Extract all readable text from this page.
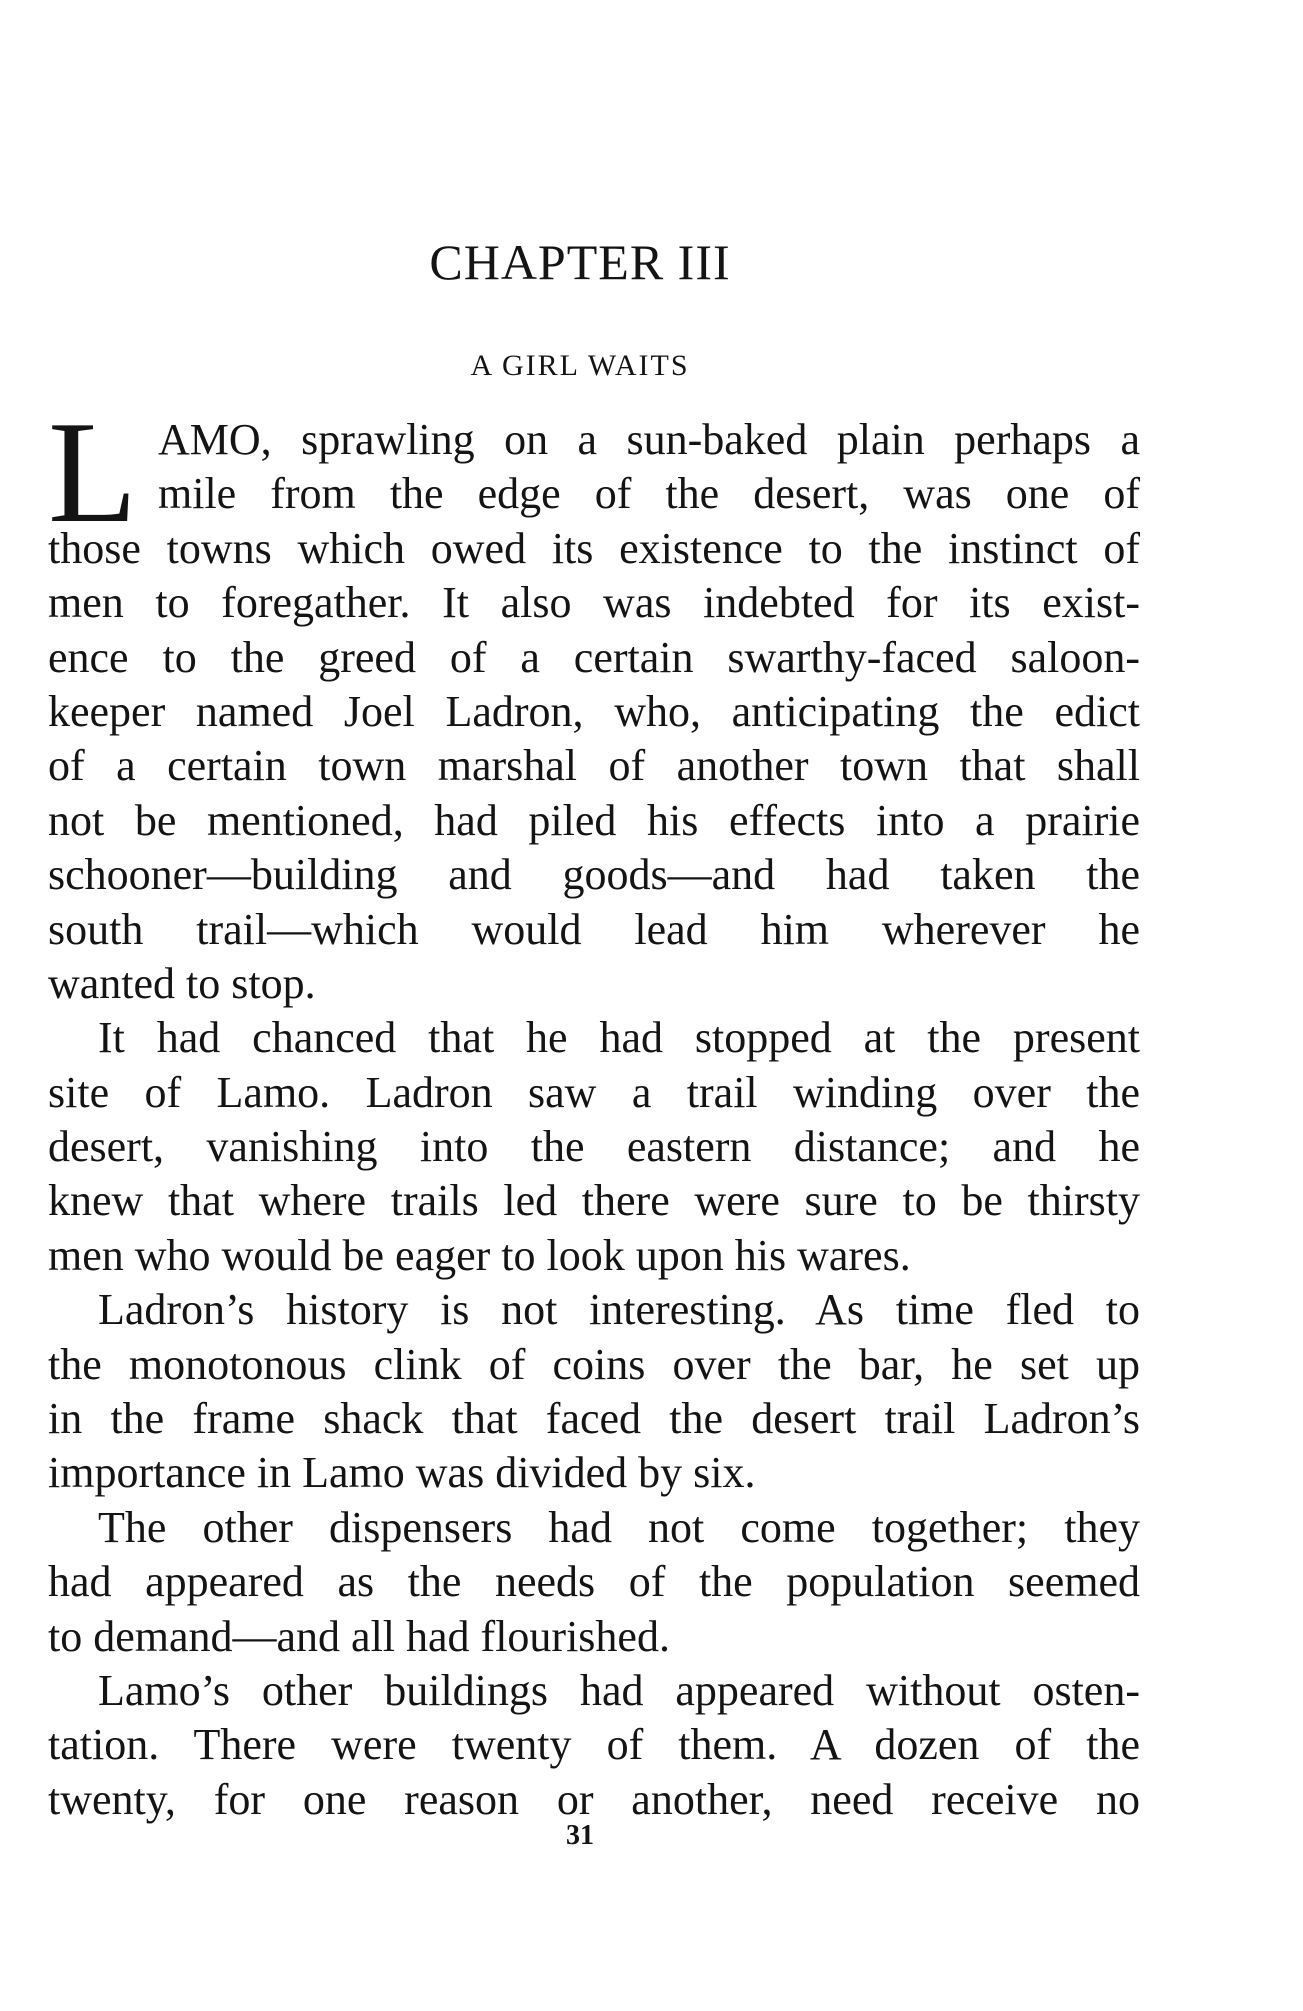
CHAPTER III
A GIRL WAITS
L AMO, sprawling on a sun-baked plain perhaps a
mile from the edge of the desert, was one of
those towns which owed its existence to the instinct of
men to foregather. It also was indebted for its exist-
ence to the greed of a certain swarthy-faced saloon-
keeper named Joel Ladron, who, anticipating the edict
of a certain town marshal of another town that shall
not be mentioned, had piled his effects into a prairie
schooner—building and goods—and had taken the
south trail—which would lead him wherever he
wanted to stop.
It had chanced that he had stopped at the present
site of Lamo. Ladron saw a trail winding over the
desert, vanishing into the eastern distance; and he
knew that where trails led there were sure to be thirsty
men who would be eager to look upon his wares.
Ladron’s history is not interesting. As time fled to
the monotonous clink of coins over the bar, he set up
in the frame shack that faced the desert trail Ladron’s
importance in Lamo was divided by six.
The other dispensers had not come together; they
had appeared as the needs of the population seemed
to demand—and all had flourished.
Lamo’s other buildings had appeared without osten-
tation. There were twenty of them. A dozen of the
twenty, for one reason or another, need receive no
31
